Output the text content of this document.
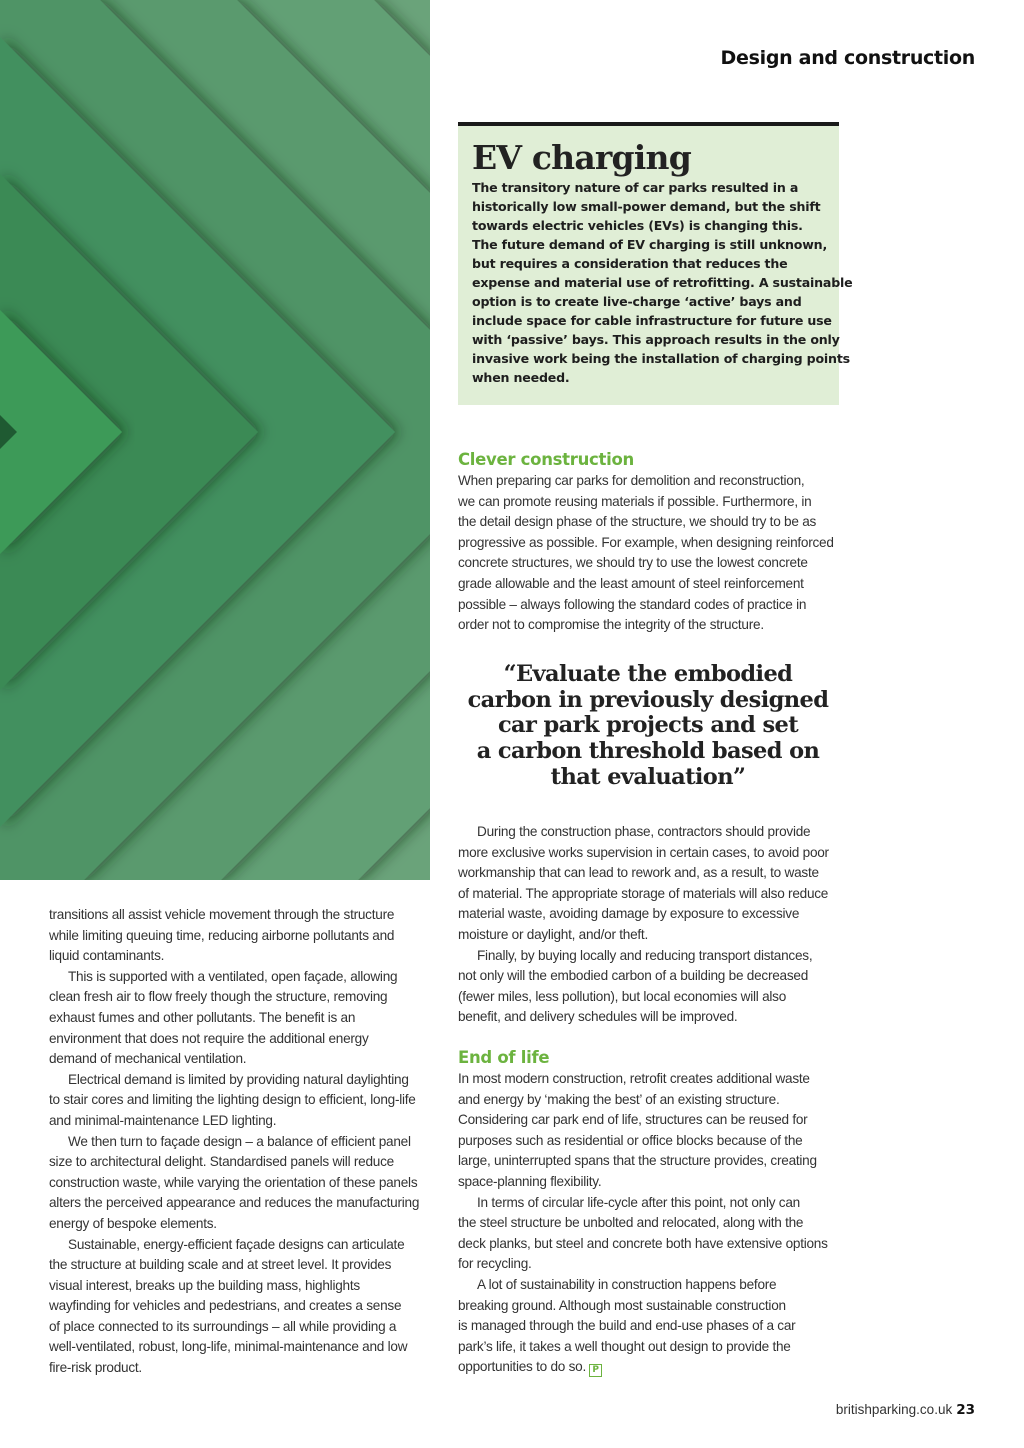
Design and construction
EV charging
The transitory nature of car parks resulted in a
historically low small-power demand, but the shift
towards electric vehicles (EVs) is changing this.
The future demand of EV charging is still unknown,
but requires a consideration that reduces the
expense and material use of retrofitting. A sustainable
option is to create live-charge ‘active’ bays and
include space for cable infrastructure for future use
with ‘passive’ bays. This approach results in the only
invasive work being the installation of charging points
when needed.
transitions all assist vehicle movement through the structure
while limiting queuing time, reducing airborne pollutants and
liquid contaminants.
This is supported with a ventilated, open façade, allowing
clean fresh air to flow freely though the structure, removing
exhaust fumes and other pollutants. The benefit is an
environment that does not require the additional energy
demand of mechanical ventilation.
Electrical demand is limited by providing natural daylighting
to stair cores and limiting the lighting design to efficient, long-life
and minimal-maintenance LED lighting.
We then turn to façade design – a balance of efficient panel
size to architectural delight. Standardised panels will reduce
construction waste, while varying the orientation of these panels
alters the perceived appearance and reduces the manufacturing
energy of bespoke elements.
Sustainable, energy-efficient façade designs can articulate
the structure at building scale and at street level. It provides
visual interest, breaks up the building mass, highlights
wayfinding for vehicles and pedestrians, and creates a sense
of place connected to its surroundings – all while providing a
well-ventilated, robust, long-life, minimal-maintenance and low
fire-risk product.
Clever construction
When preparing car parks for demolition and reconstruction,
we can promote reusing materials if possible. Furthermore, in
the detail design phase of the structure, we should try to be as
progressive as possible. For example, when designing reinforced
concrete structures, we should try to use the lowest concrete
grade allowable and the least amount of steel reinforcement
possible – always following the standard codes of practice in
order not to compromise the integrity of the structure.
“Evaluate the embodied
carbon in previously designed
car park projects and set
a carbon threshold based on
that evaluation”
During the construction phase, contractors should provide
more exclusive works supervision in certain cases, to avoid poor
workmanship that can lead to rework and, as a result, to waste
of material. The appropriate storage of materials will also reduce
material waste, avoiding damage by exposure to excessive
moisture or daylight, and/or theft.
Finally, by buying locally and reducing transport distances,
not only will the embodied carbon of a building be decreased
(fewer miles, less pollution), but local economies will also
benefit, and delivery schedules will be improved.
End of life
In most modern construction, retrofit creates additional waste
and energy by ‘making the best’ of an existing structure.
Considering car park end of life, structures can be reused for
purposes such as residential or office blocks because of the
large, uninterrupted spans that the structure provides, creating
space-planning flexibility.
In terms of circular life-cycle after this point, not only can
the steel structure be unbolted and relocated, along with the
deck planks, but steel and concrete both have extensive options
for recycling.
A lot of sustainability in construction happens before
breaking ground. Although most sustainable construction
is managed through the build and end-use phases of a car
park’s life, it takes a well thought out design to provide the
opportunities to do so. P
britishparking.co.uk 23
